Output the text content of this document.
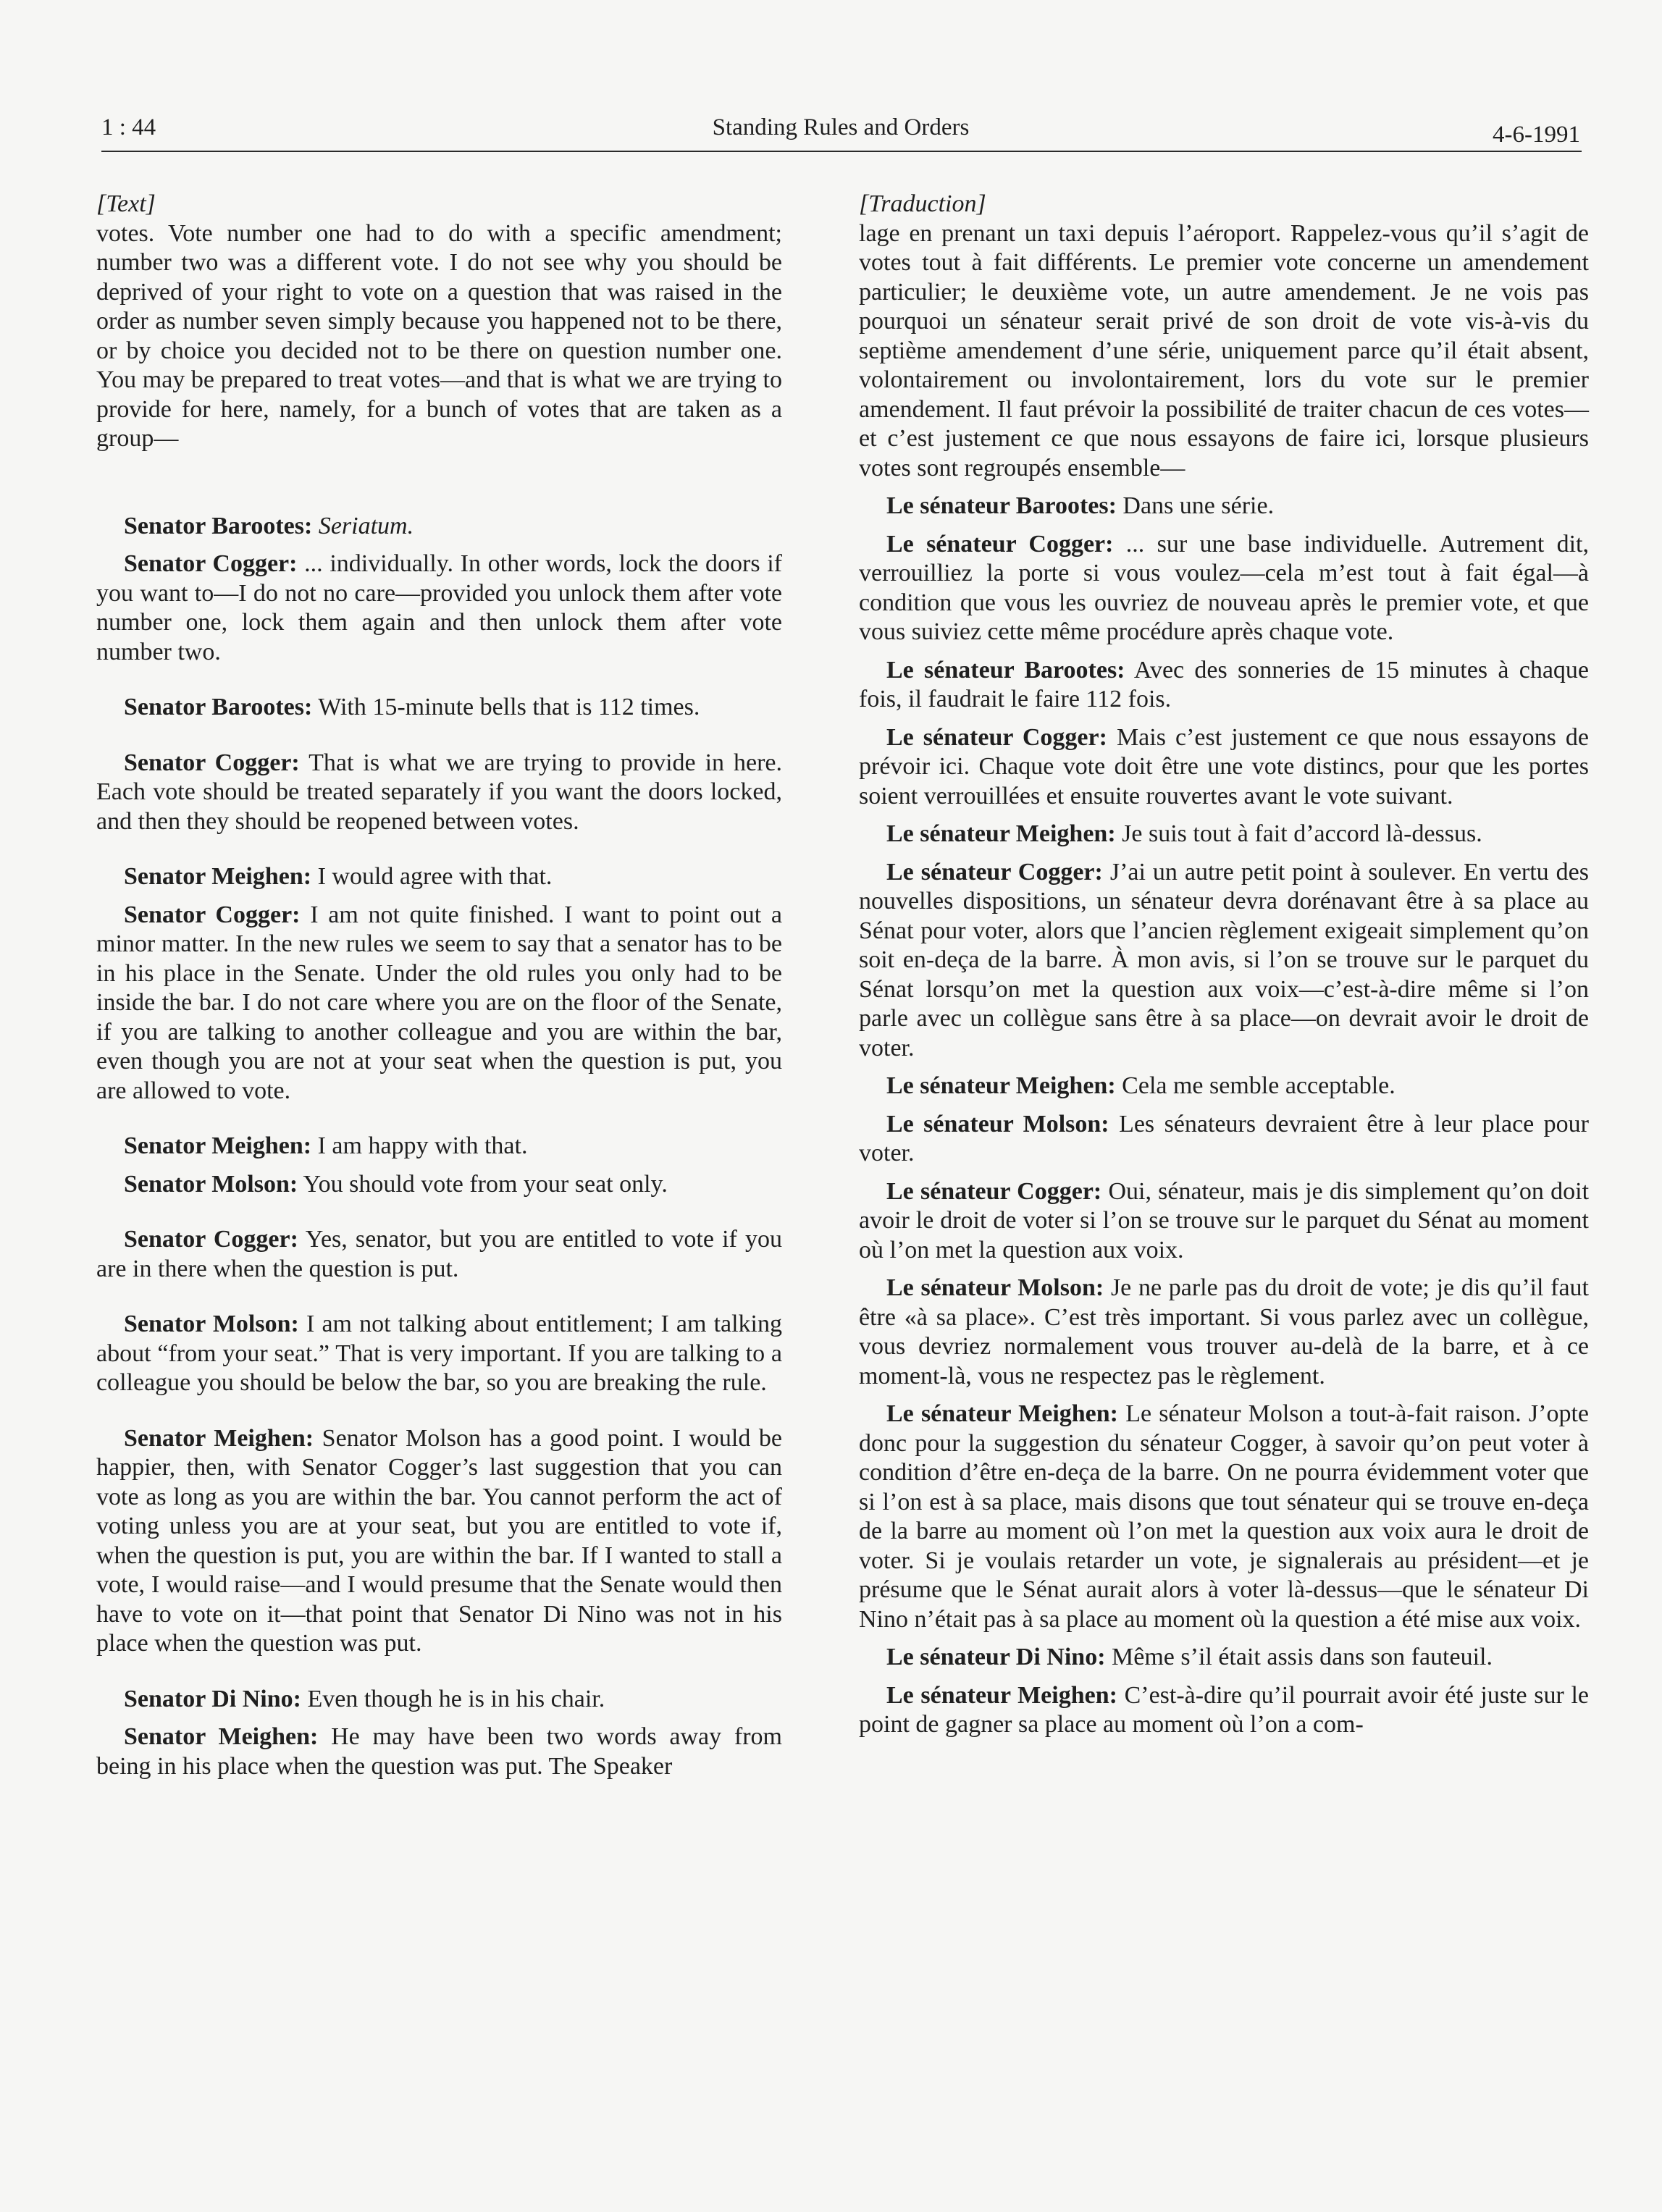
1 : 44	Standing Rules and Orders	4-6-1991

[Text]

votes. Vote number one had to do with a specific amendment; number two was a different vote. I do not see why you should be deprived of your right to vote on a question that was raised in the order as number seven simply because you happened not to be there, or by choice you decided not to be there on question number one. You may be prepared to treat votes—and that is what we are trying to provide for here, namely, for a bunch of votes that are taken as a group—

Senator Barootes: Seriatum.

Senator Cogger: ... individually. In other words, lock the doors if you want to—I do not no care—provided you unlock them after vote number one, lock them again and then unlock them after vote number two.

Senator Barootes: With 15-minute bells that is 112 times.

Senator Cogger: That is what we are trying to provide in here. Each vote should be treated separately if you want the doors locked, and then they should be reopened between votes.

Senator Meighen: I would agree with that.

Senator Cogger: I am not quite finished. I want to point out a minor matter. In the new rules we seem to say that a senator has to be in his place in the Senate. Under the old rules you only had to be inside the bar. I do not care where you are on the floor of the Senate, if you are talking to another colleague and you are within the bar, even though you are not at your seat when the question is put, you are allowed to vote.

Senator Meighen: I am happy with that.

Senator Molson: You should vote from your seat only.

Senator Cogger: Yes, senator, but you are entitled to vote if you are in there when the question is put.

Senator Molson: I am not talking about entitlement; I am talking about “from your seat.” That is very important. If you are talking to a colleague you should be below the bar, so you are breaking the rule.

Senator Meighen: Senator Molson has a good point. I would be happier, then, with Senator Cogger’s last suggestion that you can vote as long as you are within the bar. You cannot perform the act of voting unless you are at your seat, but you are entitled to vote if, when the question is put, you are within the bar. If I wanted to stall a vote, I would raise—and I would presume that the Senate would then have to vote on it—that point that Senator Di Nino was not in his place when the question was put.

Senator Di Nino: Even though he is in his chair.

Senator Meighen: He may have been two words away from being in his place when the question was put. The Speaker

[Traduction]

lage en prenant un taxi depuis l’aéroport. Rappelez-vous qu’il s’agit de votes tout à fait différents. Le premier vote concerne un amendement particulier; le deuxième vote, un autre amendement. Je ne vois pas pourquoi un sénateur serait privé de son droit de vote vis-à-vis du septième amendement d’une série, uniquement parce qu’il était absent, volontairement ou involontairement, lors du vote sur le premier amendement. Il faut prévoir la possibilité de traiter chacun de ces votes—et c’est justement ce que nous essayons de faire ici, lorsque plusieurs votes sont regroupés ensemble—

Le sénateur Barootes: Dans une série.

Le sénateur Cogger: ... sur une base individuelle. Autrement dit, verrouilliez la porte si vous voulez—cela m’est tout à fait égal—à condition que vous les ouvriez de nouveau après le premier vote, et que vous suiviez cette même procédure après chaque vote.

Le sénateur Barootes: Avec des sonneries de 15 minutes à chaque fois, il faudrait le faire 112 fois.

Le sénateur Cogger: Mais c’est justement ce que nous essayons de prévoir ici. Chaque vote doit être une vote distincs, pour que les portes soient verrouillées et ensuite rouvertes avant le vote suivant.

Le sénateur Meighen: Je suis tout à fait d’accord là-dessus.

Le sénateur Cogger: J’ai un autre petit point à soulever. En vertu des nouvelles dispositions, un sénateur devra dorénavant être à sa place au Sénat pour voter, alors que l’ancien règlement exigeait simplement qu’on soit en-deça de la barre. À mon avis, si l’on se trouve sur le parquet du Sénat lorsqu’on met la question aux voix—c’est-à-dire même si l’on parle avec un collègue sans être à sa place—on devrait avoir le droit de voter.

Le sénateur Meighen: Cela me semble acceptable.

Le sénateur Molson: Les sénateurs devraient être à leur place pour voter.

Le sénateur Cogger: Oui, sénateur, mais je dis simplement qu’on doit avoir le droit de voter si l’on se trouve sur le parquet du Sénat au moment où l’on met la question aux voix.

Le sénateur Molson: Je ne parle pas du droit de vote; je dis qu’il faut être «à sa place». C’est très important. Si vous parlez avec un collègue, vous devriez normalement vous trouver au-delà de la barre, et à ce moment-là, vous ne respectez pas le règlement.

Le sénateur Meighen: Le sénateur Molson a tout-à-fait raison. J’opte donc pour la suggestion du sénateur Cogger, à savoir qu’on peut voter à condition d’être en-deça de la barre. On ne pourra évidemment voter que si l’on est à sa place, mais disons que tout sénateur qui se trouve en-deça de la barre au moment où l’on met la question aux voix aura le droit de voter. Si je voulais retarder un vote, je signalerais au président—et je présume que le Sénat aurait alors à voter là-dessus—que le sénateur Di Nino n’était pas à sa place au moment où la question a été mise aux voix.

Le sénateur Di Nino: Même s’il était assis dans son fauteuil.

Le sénateur Meighen: C’est-à-dire qu’il pourrait avoir été juste sur le point de gagner sa place au moment où l’on a com-
